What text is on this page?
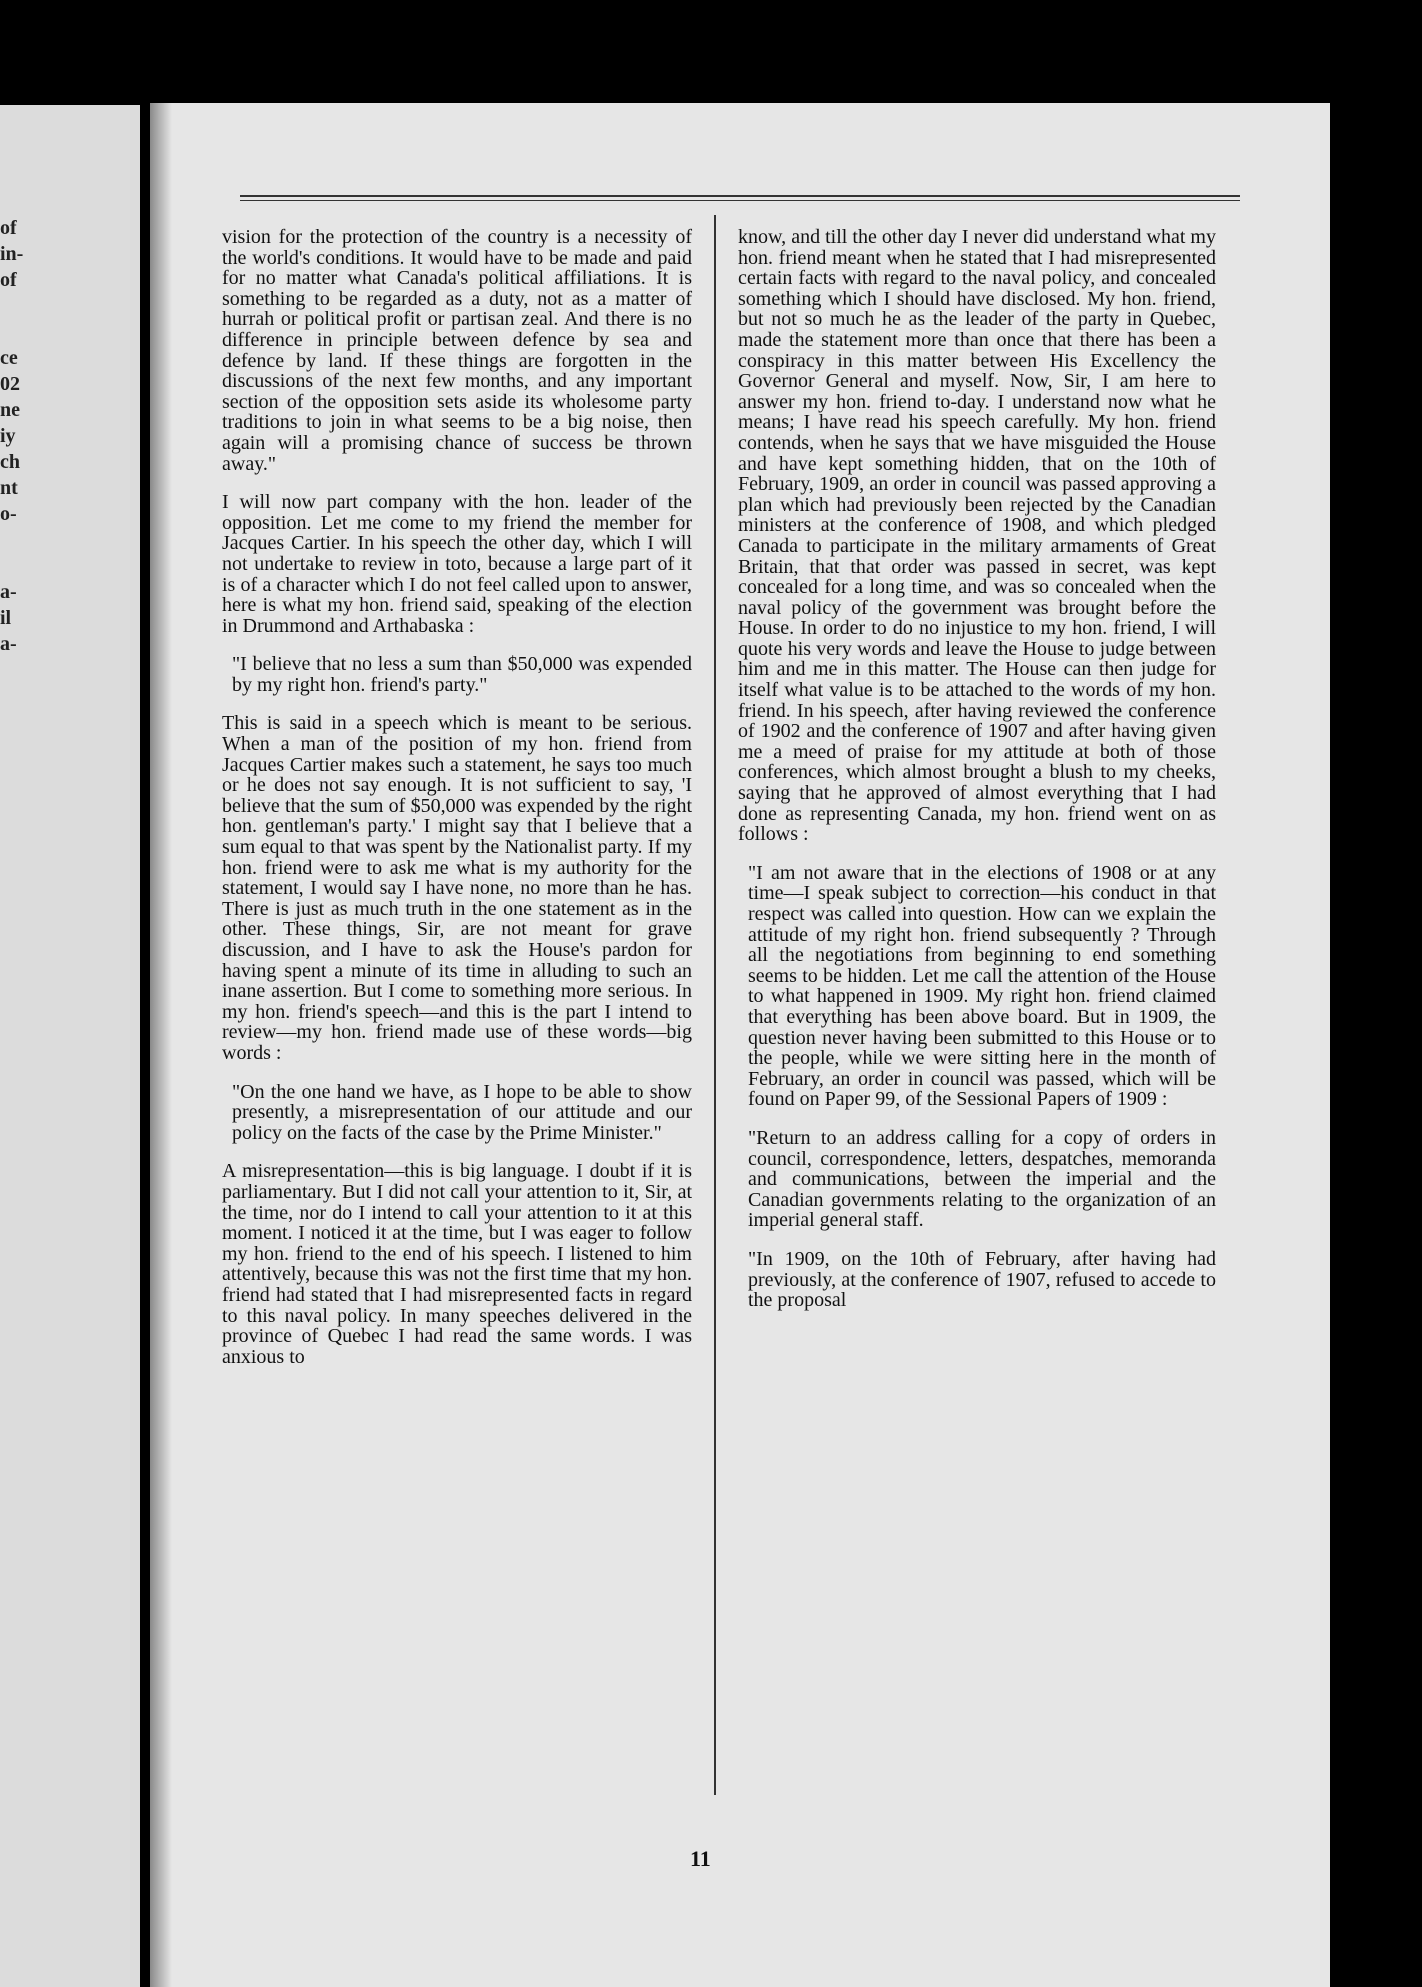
of
in-
of

ce
02
ne
iy
ch
nt
o-

a-
il
a-

vision for the protection of the country is a necessity of the world's conditions. It would have to be made and paid for no matter what Canada's political affiliations. It is something to be regarded as a duty, not as a matter of hurrah or political profit or partisan zeal. And there is no difference in principle between defence by sea and defence by land. If these things are forgotten in the discussions of the next few months, and any important section of the opposition sets aside its wholesome party traditions to join in what seems to be a big noise, then again will a promising chance of success be thrown away."

I will now part company with the hon. leader of the opposition. Let me come to my friend the member for Jacques Cartier. In his speech the other day, which I will not undertake to review in toto, because a large part of it is of a character which I do not feel called upon to answer, here is what my hon. friend said, speaking of the election in Drummond and Arthabaska :

"I believe that no less a sum than $50,000 was expended by my right hon. friend's party."

This is said in a speech which is meant to be serious. When a man of the position of my hon. friend from Jacques Cartier makes such a statement, he says too much or he does not say enough. It is not sufficient to say, 'I believe that the sum of $50,000 was expended by the right hon. gentleman's party.' I might say that I believe that a sum equal to that was spent by the Nationalist party. If my hon. friend were to ask me what is my authority for the statement, I would say I have none, no more than he has. There is just as much truth in the one statement as in the other. These things, Sir, are not meant for grave discussion, and I have to ask the House's pardon for having spent a minute of its time in alluding to such an inane assertion. But I come to something more serious. In my hon. friend's speech—and this is the part I intend to review—my hon. friend made use of these words—big words :

"On the one hand we have, as I hope to be able to show presently, a misrepresentation of our attitude and our policy on the facts of the case by the Prime Minister."

A misrepresentation—this is big language. I doubt if it is parliamentary. But I did not call your attention to it, Sir, at the time, nor do I intend to call your attention to it at this moment. I noticed it at the time, but I was eager to follow my hon. friend to the end of his speech. I listened to him attentively, because this was not the first time that my hon. friend had stated that I had misrepresented facts in regard to this naval policy. In many speeches delivered in the province of Quebec I had read the same words. I was anxious to

know, and till the other day I never did understand what my hon. friend meant when he stated that I had misrepresented certain facts with regard to the naval policy, and concealed something which I should have disclosed. My hon. friend, but not so much he as the leader of the party in Quebec, made the statement more than once that there has been a conspiracy in this matter between His Excellency the Governor General and myself. Now, Sir, I am here to answer my hon. friend to-day. I understand now what he means; I have read his speech carefully. My hon. friend contends, when he says that we have misguided the House and have kept something hidden, that on the 10th of February, 1909, an order in council was passed approving a plan which had previously been rejected by the Canadian ministers at the conference of 1908, and which pledged Canada to participate in the military armaments of Great Britain, that that order was passed in secret, was kept concealed for a long time, and was so concealed when the naval policy of the government was brought before the House. In order to do no injustice to my hon. friend, I will quote his very words and leave the House to judge between him and me in this matter. The House can then judge for itself what value is to be attached to the words of my hon. friend. In his speech, after having reviewed the conference of 1902 and the conference of 1907 and after having given me a meed of praise for my attitude at both of those conferences, which almost brought a blush to my cheeks, saying that he approved of almost everything that I had done as representing Canada, my hon. friend went on as follows :

"I am not aware that in the elections of 1908 or at any time—I speak subject to correction—his conduct in that respect was called into question. How can we explain the attitude of my right hon. friend subsequently ? Through all the negotiations from beginning to end something seems to be hidden. Let me call the attention of the House to what happened in 1909. My right hon. friend claimed that everything has been above board. But in 1909, the question never having been submitted to this House or to the people, while we were sitting here in the month of February, an order in council was passed, which will be found on Paper 99, of the Sessional Papers of 1909 :

"Return to an address calling for a copy of orders in council, correspondence, letters, despatches, memoranda and communications, between the imperial and the Canadian governments relating to the organization of an imperial general staff.

"In 1909, on the 10th of February, after having had previously, at the conference of 1907, refused to accede to the proposal

11
